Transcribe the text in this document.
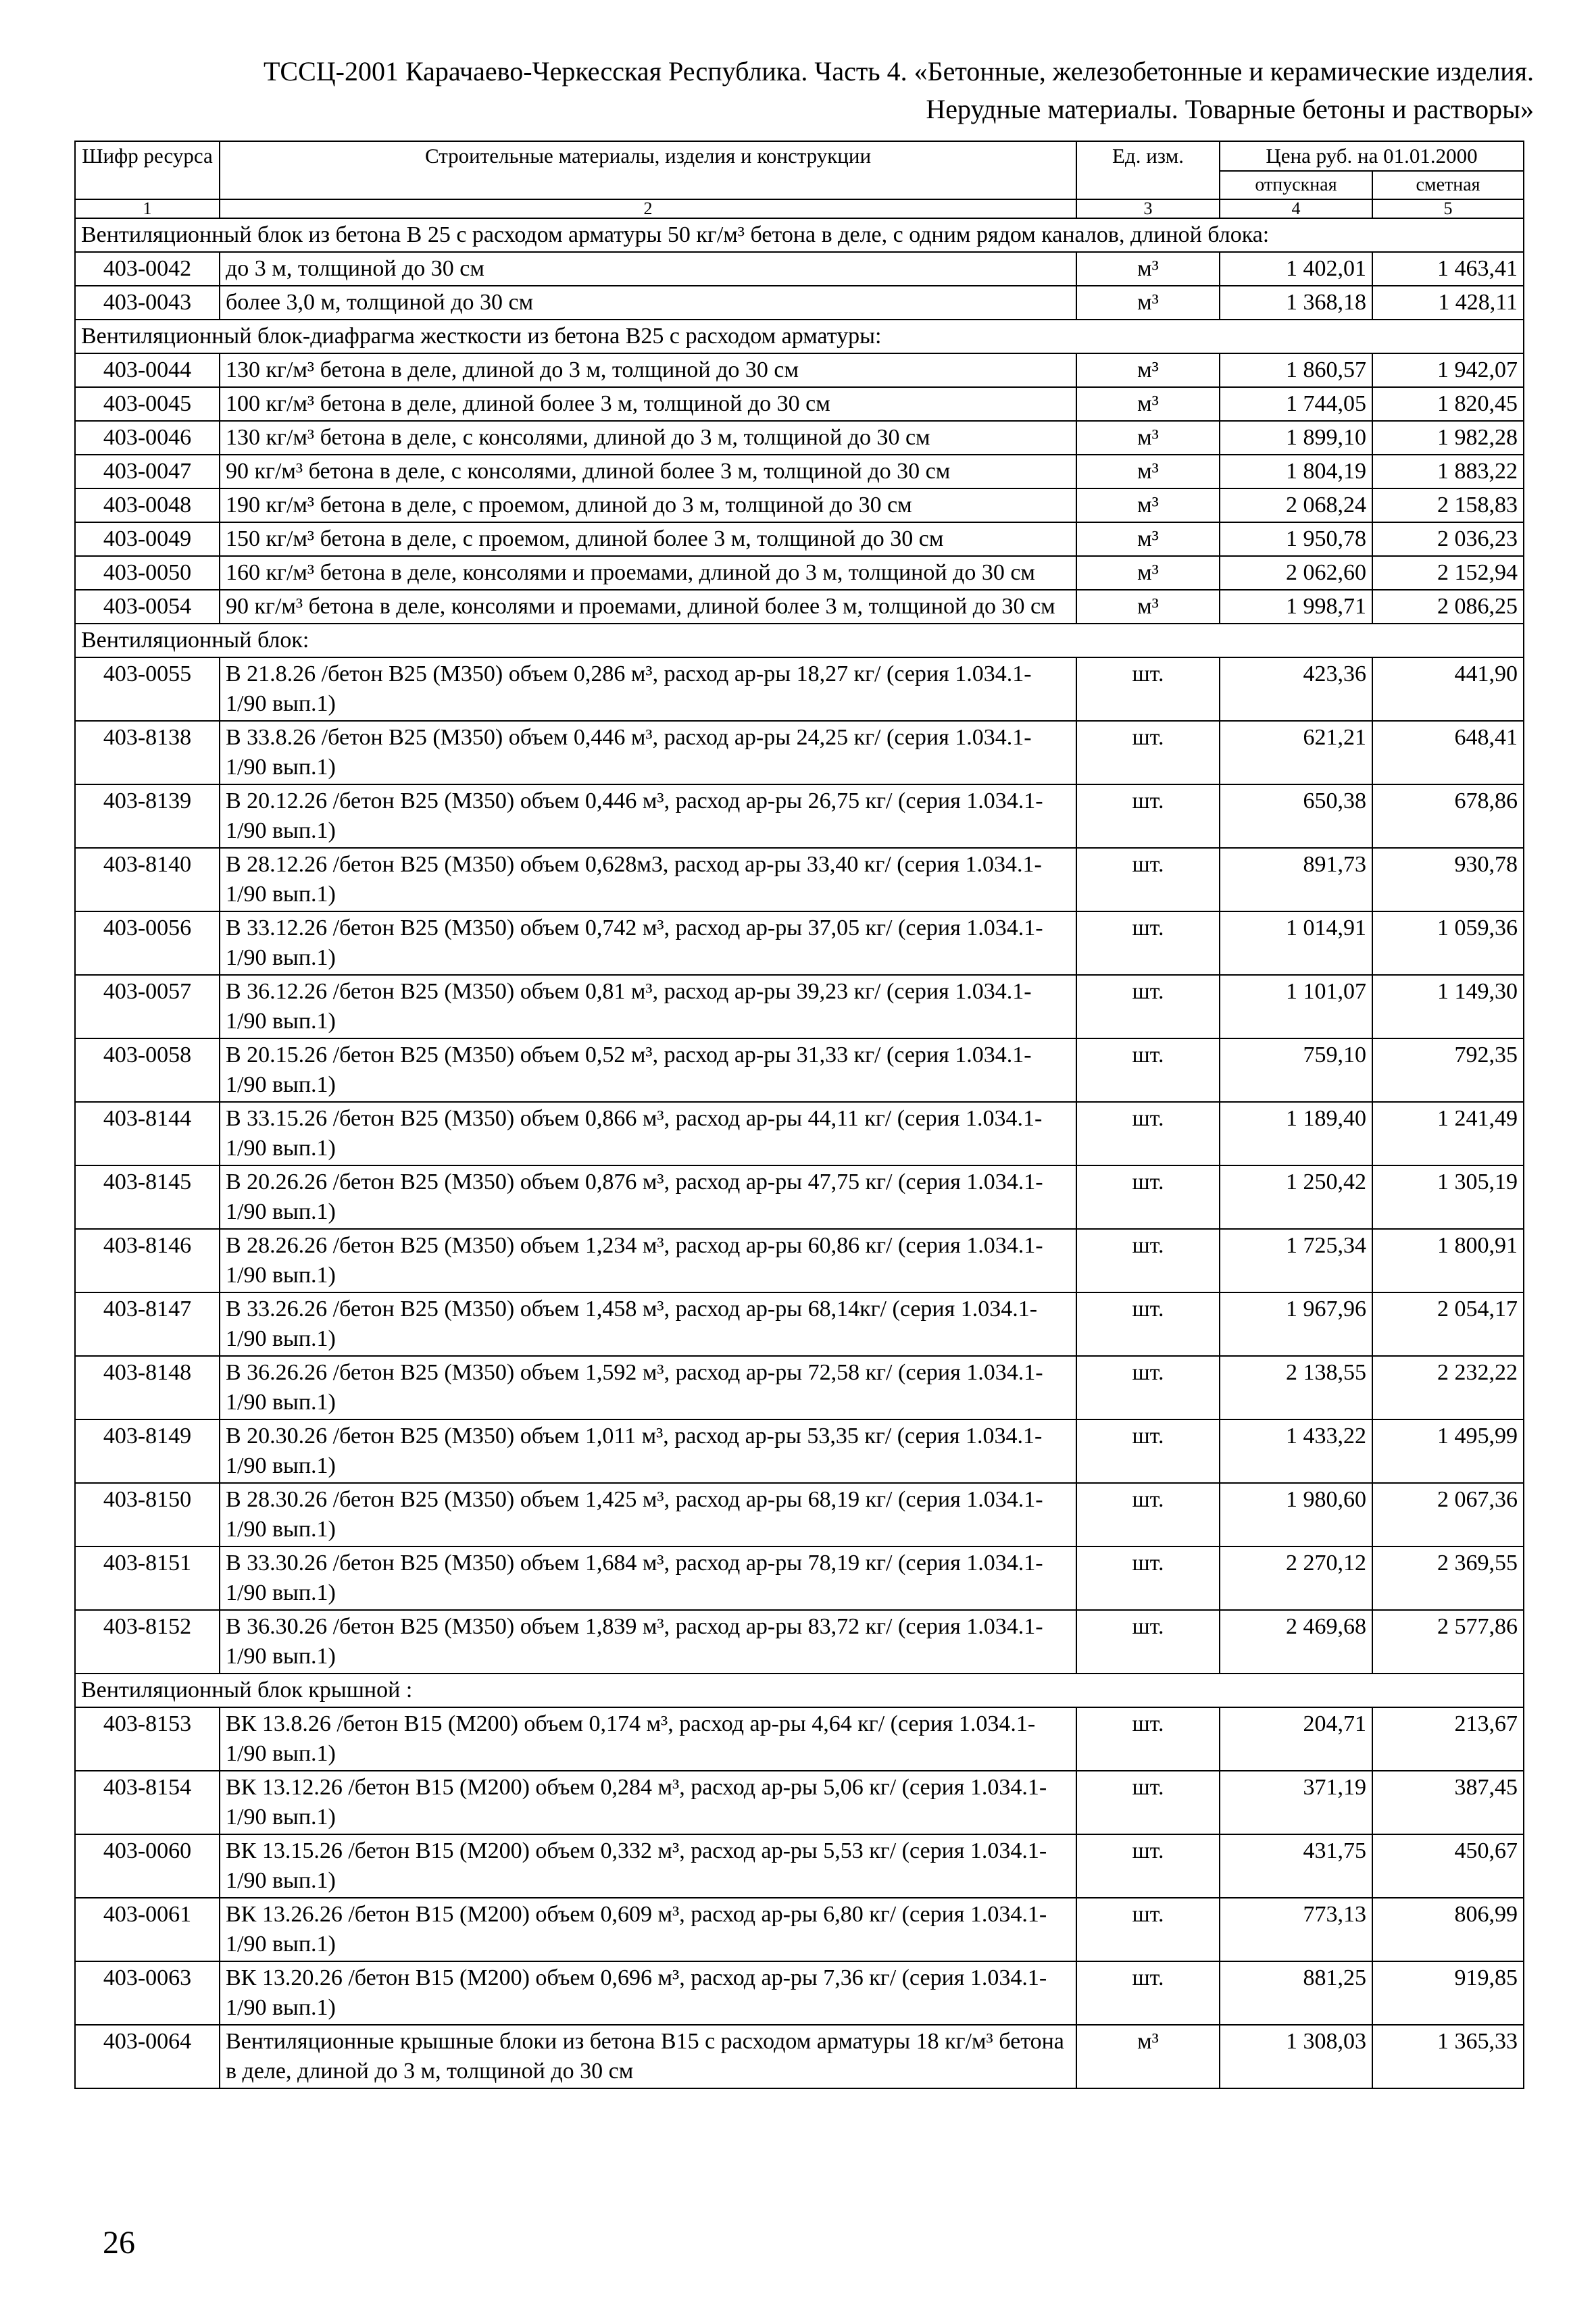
ТССЦ-2001 Карачаево-Черкесская Республика. Часть 4. «Бетонные, железобетонные и керамические изделия.
Нерудные материалы. Товарные бетоны и растворы»
Шифр ресурса	Строительные материалы, изделия и конструкции	Ед. изм.	Цена руб. на 01.01.2000	
			отпускная	сметная
1	2	3	4	5
Вентиляционный блок из бетона В 25 с расходом арматуры 50 кг/м³ бетона в деле, с одним рядом каналов, длиной блока:				
403-0042	до 3 м, толщиной до 30 см	м³	1 402,01	1 463,41
403-0043	более 3,0 м, толщиной до 30 см	м³	1 368,18	1 428,11
Вентиляционный блок-диафрагма жесткости из бетона В25 с расходом арматуры:				
403-0044	130 кг/м³ бетона в деле, длиной до 3 м, толщиной до 30 см	м³	1 860,57	1 942,07
403-0045	100 кг/м³ бетона в деле, длиной более 3 м, толщиной до 30 см	м³	1 744,05	1 820,45
403-0046	130 кг/м³ бетона в деле, с консолями, длиной до 3 м, толщиной до 30 см	м³	1 899,10	1 982,28
403-0047	90 кг/м³ бетона в деле, с консолями, длиной более 3 м, толщиной до 30 см	м³	1 804,19	1 883,22
403-0048	190 кг/м³ бетона в деле, с проемом, длиной до 3 м, толщиной до 30 см	м³	2 068,24	2 158,83
403-0049	150 кг/м³ бетона в деле, с проемом, длиной более 3 м, толщиной до 30 см	м³	1 950,78	2 036,23
403-0050	160 кг/м³ бетона в деле, консолями и проемами, длиной до 3 м, толщиной до 30 см	м³	2 062,60	2 152,94
403-0054	90 кг/м³ бетона в деле, консолями и проемами, длиной более 3 м, толщиной до 30 см	м³	1 998,71	2 086,25
Вентиляционный блок:				
403-0055	В 21.8.26 /бетон В25 (М350) объем 0,286 м³, расход ар-ры 18,27 кг/ (серия 1.034.1-1/90 вып.1)	шт.	423,36	441,90
403-8138	В 33.8.26 /бетон В25 (М350) объем 0,446 м³, расход ар-ры 24,25 кг/ (серия 1.034.1-1/90 вып.1)	шт.	621,21	648,41
403-8139	В 20.12.26 /бетон В25 (М350) объем 0,446 м³, расход ар-ры 26,75 кг/ (серия 1.034.1-1/90 вып.1)	шт.	650,38	678,86
403-8140	В 28.12.26 /бетон В25 (М350) объем 0,628м3, расход ар-ры 33,40 кг/ (серия 1.034.1-1/90 вып.1)	шт.	891,73	930,78
403-0056	В 33.12.26 /бетон В25 (М350) объем 0,742 м³, расход ар-ры 37,05 кг/ (серия 1.034.1-1/90 вып.1)	шт.	1 014,91	1 059,36
403-0057	В 36.12.26 /бетон В25 (М350) объем 0,81 м³, расход ар-ры 39,23 кг/ (серия 1.034.1-1/90 вып.1)	шт.	1 101,07	1 149,30
403-0058	В 20.15.26 /бетон В25 (М350) объем 0,52 м³, расход ар-ры 31,33 кг/ (серия 1.034.1-1/90 вып.1)	шт.	759,10	792,35
403-8144	В 33.15.26 /бетон В25 (М350) объем 0,866 м³, расход ар-ры 44,11 кг/ (серия 1.034.1-1/90 вып.1)	шт.	1 189,40	1 241,49
403-8145	В 20.26.26 /бетон В25 (М350) объем 0,876 м³, расход ар-ры 47,75 кг/ (серия 1.034.1-1/90 вып.1)	шт.	1 250,42	1 305,19
403-8146	В 28.26.26 /бетон В25 (М350) объем 1,234 м³, расход ар-ры 60,86 кг/ (серия 1.034.1-1/90 вып.1)	шт.	1 725,34	1 800,91
403-8147	В 33.26.26 /бетон В25 (М350) объем 1,458 м³, расход ар-ры 68,14кг/ (серия 1.034.1-1/90 вып.1)	шт.	1 967,96	2 054,17
403-8148	В 36.26.26 /бетон В25 (М350) объем 1,592 м³, расход ар-ры 72,58 кг/ (серия 1.034.1-1/90 вып.1)	шт.	2 138,55	2 232,22
403-8149	В 20.30.26 /бетон В25 (М350) объем 1,011 м³, расход ар-ры 53,35 кг/ (серия 1.034.1-1/90 вып.1)	шт.	1 433,22	1 495,99
403-8150	В 28.30.26 /бетон В25 (М350) объем 1,425 м³, расход ар-ры 68,19 кг/ (серия 1.034.1-1/90 вып.1)	шт.	1 980,60	2 067,36
403-8151	В 33.30.26 /бетон В25 (М350) объем 1,684 м³, расход ар-ры 78,19 кг/ (серия 1.034.1-1/90 вып.1)	шт.	2 270,12	2 369,55
403-8152	В 36.30.26 /бетон В25 (М350) объем 1,839 м³, расход ар-ры 83,72 кг/ (серия 1.034.1-1/90 вып.1)	шт.	2 469,68	2 577,86
Вентиляционный блок крышной :				
403-8153	ВК 13.8.26 /бетон В15 (М200) объем 0,174 м³, расход ар-ры 4,64 кг/ (серия 1.034.1-1/90 вып.1)	шт.	204,71	213,67
403-8154	ВК 13.12.26 /бетон В15 (М200) объем 0,284 м³, расход ар-ры 5,06 кг/ (серия 1.034.1-1/90 вып.1)	шт.	371,19	387,45
403-0060	ВК 13.15.26 /бетон В15 (М200) объем 0,332 м³, расход ар-ры 5,53 кг/ (серия 1.034.1-1/90 вып.1)	шт.	431,75	450,67
403-0061	ВК 13.26.26 /бетон В15 (М200) объем 0,609 м³, расход ар-ры 6,80 кг/ (серия 1.034.1-1/90 вып.1)	шт.	773,13	806,99
403-0063	ВК 13.20.26 /бетон В15 (М200) объем 0,696 м³, расход ар-ры 7,36 кг/ (серия 1.034.1-1/90 вып.1)	шт.	881,25	919,85
403-0064	Вентиляционные крышные блоки из бетона В15 с расходом арматуры 18 кг/м³ бетона в деле, длиной до 3 м, толщиной до 30 см	м³	1 308,03	1 365,33
26
